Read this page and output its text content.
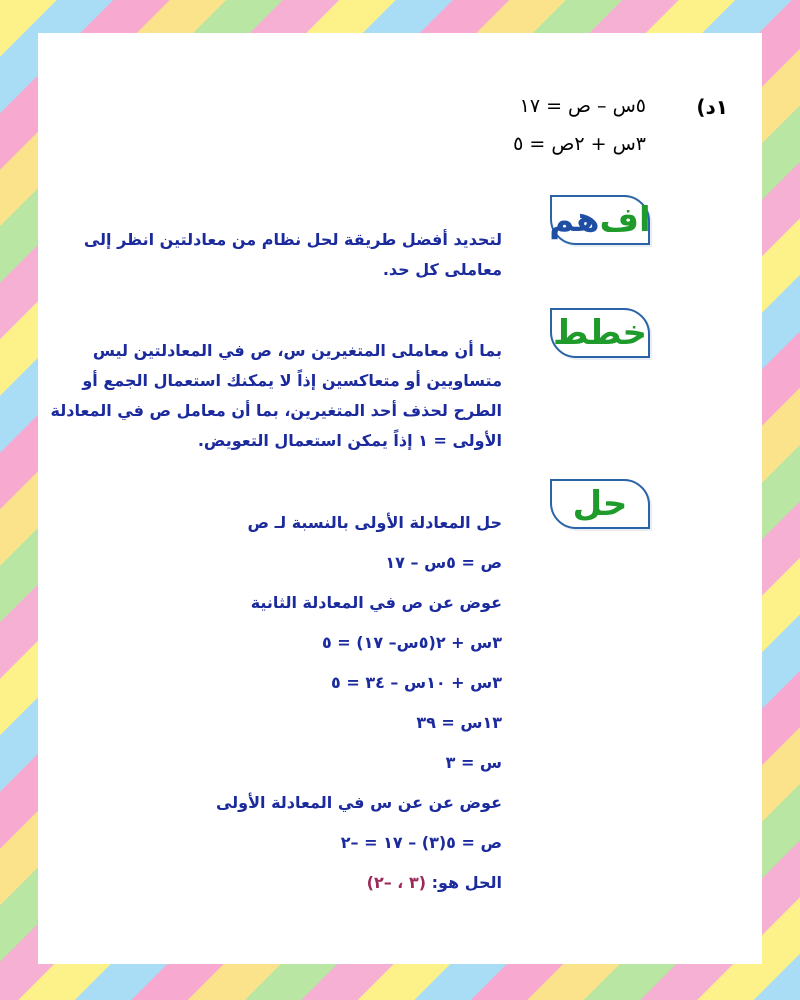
١د)
٥س – ص = ١٧
٣س + ٢ص = ٥
اف
هم
لتحديد أفضل طريقة لحل نظام من معادلتين انظر إلى معاملى كل حد.
خطط
بما أن معاملى المتغيرين س، ص في المعادلتين ليس متساويين أو متعاكسين إذاً لا يمكنك استعمال الجمع أو الطرح لحذف أحد المتغيرين، بما أن معامل ص في المعادلة الأولى = ١ إذاً يمكن استعمال التعويض.
حل
حل المعادلة الأولى بالنسبة لـ ص
ص = ٥س – ١٧
عوض عن ص في المعادلة الثانية
٣س + ٢(٥س– ١٧) = ٥
٣س + ١٠س – ٣٤ = ٥
١٣س = ٣٩
س = ٣
عوض عن عن س في المعادلة الأولى
ص = ٥(٣) – ١٧ = –٢
الحل هو: (٣ ، –٢)
